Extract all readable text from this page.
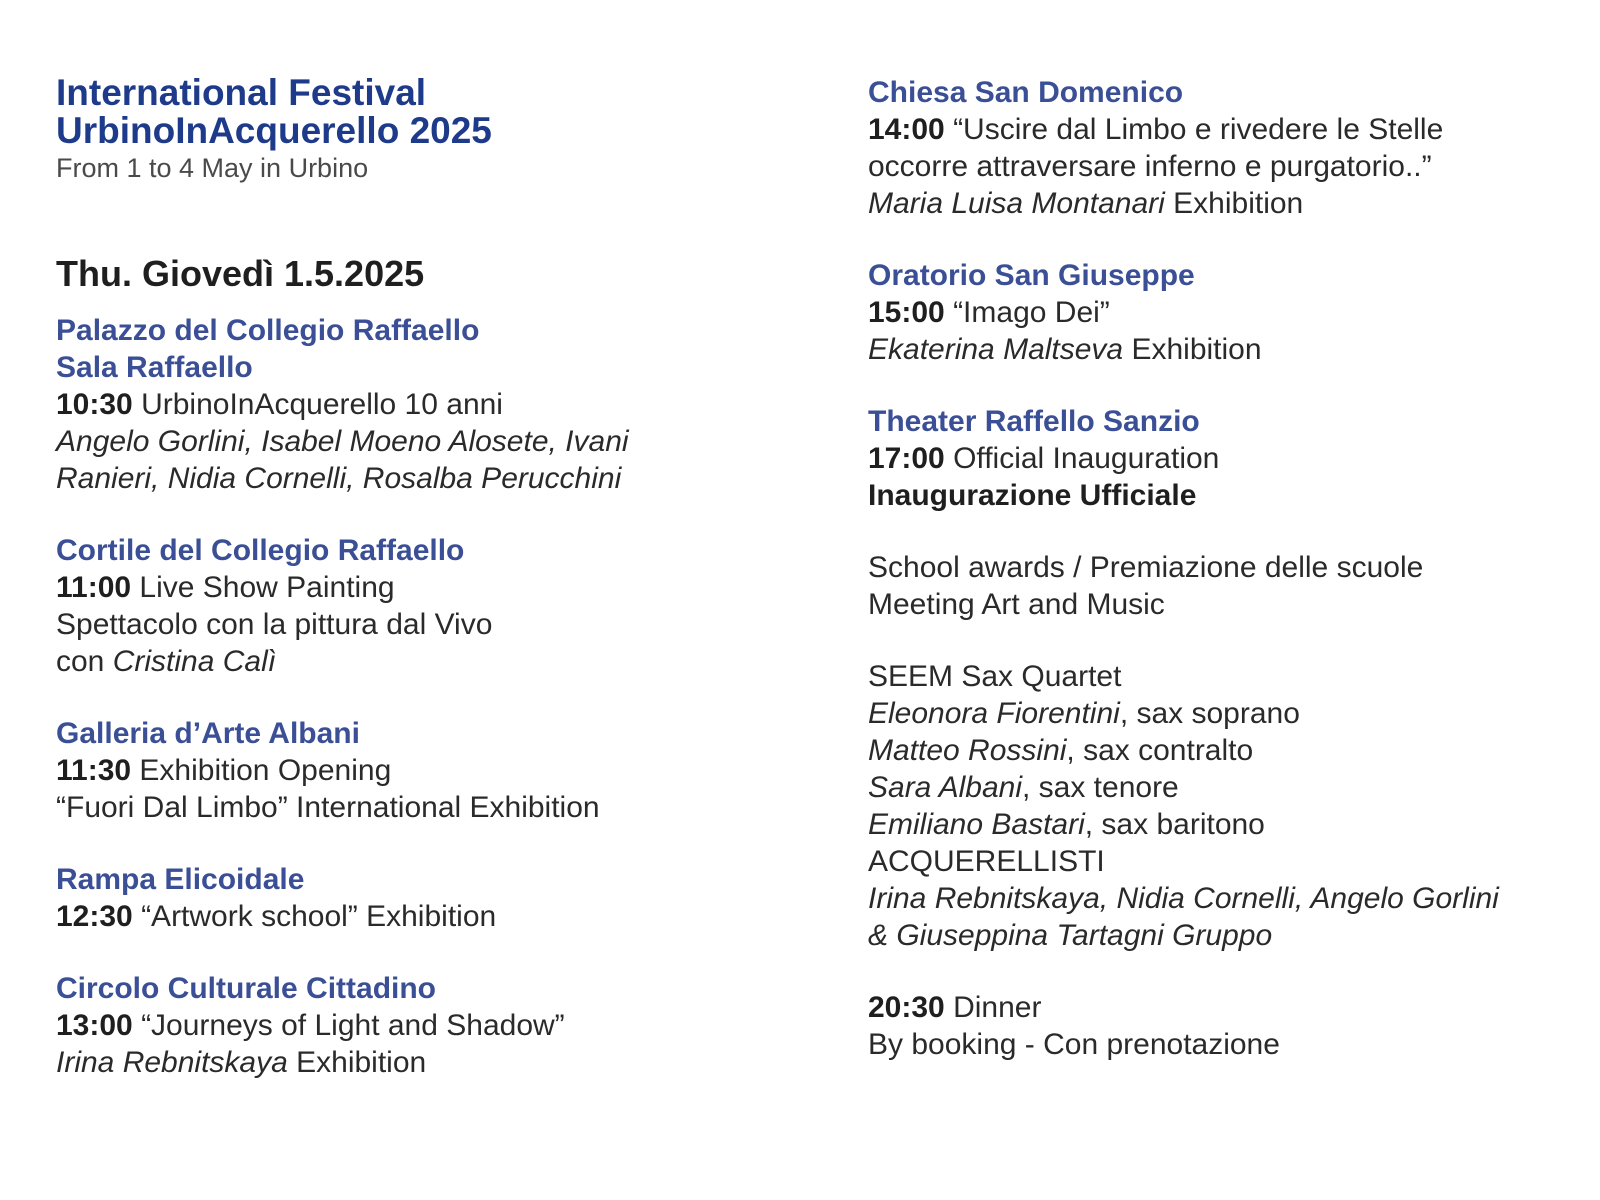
International Festival

UrbinoInAcquerello 2025

From 1 to 4 May in Urbino

Thu. Giovedì 1.5.2025

Palazzo del Collegio Raffaello

Sala Raffaello

10:30 UrbinoInAcquerello 10 anni

Angelo Gorlini, Isabel Moeno Alosete, Ivani

Ranieri, Nidia Cornelli, Rosalba Perucchini

Cortile del Collegio Raffaello

11:00 Live Show Painting

Spettacolo con la pittura dal Vivo

con Cristina Calì

Galleria d’Arte Albani

11:30 Exhibition Opening

“Fuori Dal Limbo” International Exhibition

Rampa Elicoidale

12:30 “Artwork school” Exhibition

Circolo Culturale Cittadino

13:00 “Journeys of Light and Shadow”

Irina Rebnitskaya Exhibition

Chiesa San Domenico

14:00 “Uscire dal Limbo e rivedere le Stelle

occorre attraversare inferno e purgatorio..”

Maria Luisa Montanari Exhibition

Oratorio San Giuseppe

15:00 “Imago Dei”

Ekaterina Maltseva Exhibition

Theater Raffello Sanzio

17:00 Official Inauguration

Inaugurazione Ufficiale

School awards / Premiazione delle scuole

Meeting Art and Music

SEEM Sax Quartet

Eleonora Fiorentini, sax soprano

Matteo Rossini, sax contralto

Sara Albani, sax tenore

Emiliano Bastari, sax baritono

ACQUERELLISTI

Irina Rebnitskaya, Nidia Cornelli, Angelo Gorlini

& Giuseppina Tartagni Gruppo

20:30 Dinner

By booking - Con prenotazione
